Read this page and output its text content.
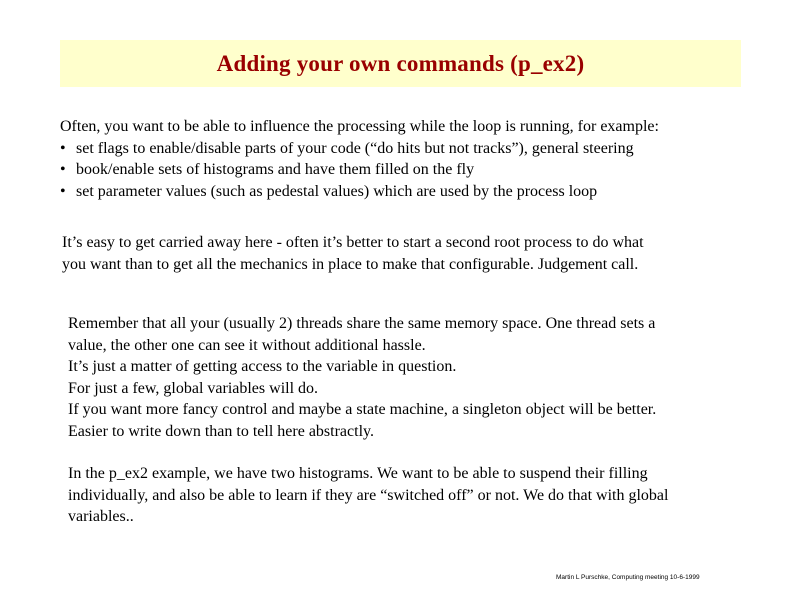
Adding your own commands (p_ex2)
Often, you want to be able to influence the processing while the loop is running, for example:
• set flags to enable/disable parts of your code (“do hits but not tracks”), general steering
• book/enable sets of histograms and have them filled on the fly
• set parameter values (such as pedestal values) which are used by the process loop
It’s easy to get carried away here - often it’s better to start a second root process to do what
you want than to get all the mechanics in place to make that configurable. Judgement call.
Remember that all your (usually 2) threads share the same memory space. One thread sets a
value, the other one can see it without additional hassle.
It’s just a matter of getting access to the variable in question.
For just a few, global variables will do.
If you want more fancy control and maybe a state machine, a singleton object will be better.
Easier to write down than to tell here abstractly.
In the p_ex2 example, we have two histograms. We want to be able to suspend their filling
individually, and also be able to learn if they are “switched off” or not. We do that with global
variables..
Martin L Purschke, Computing meeting 10-6-1999
